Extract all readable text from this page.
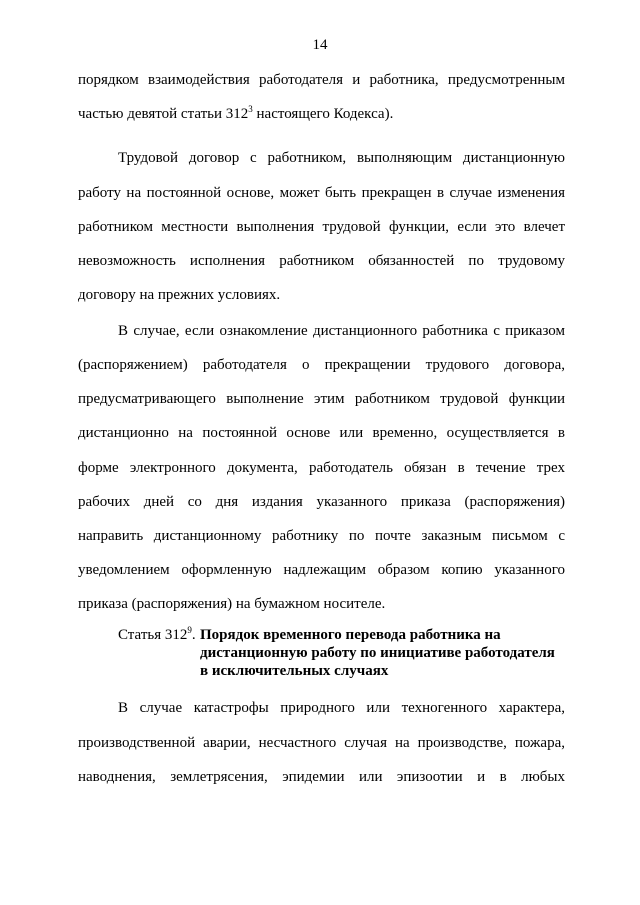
14
порядком взаимодействия работодателя и работника, предусмотренным
частью девятой статьи $312^3$ настоящего Кодекса).
Трудовой договор с работником, выполняющим дистанционную
работу на постоянной основе, может быть прекращен в случае изменения
работником местности выполнения трудовой функции, если это влечет
невозможность исполнения работником обязанностей по трудовому
договору на прежних условиях.
В случае, если ознакомление дистанционного работника с приказом
(распоряжением) работодателя о прекращении трудового договора,
предусматривающего выполнение этим работником трудовой функции
дистанционно на постоянной основе или временно, осуществляется в
форме электронного документа, работодатель обязан в течение трех
рабочих дней со дня издания указанного приказа (распоряжения)
направить дистанционному работнику по почте заказным письмом с
уведомлением оформленную надлежащим образом копию указанного
приказа (распоряжения) на бумажном носителе.
Статья $312^9$. Порядок временного перевода работника на
дистанционную работу по инициативе работодателя
в исключительных случаях
В случае катастрофы природного или техногенного характера,
производственной аварии, несчастного случая на производстве, пожара,
наводнения, землетрясения, эпидемии или эпизоотии и в любых
